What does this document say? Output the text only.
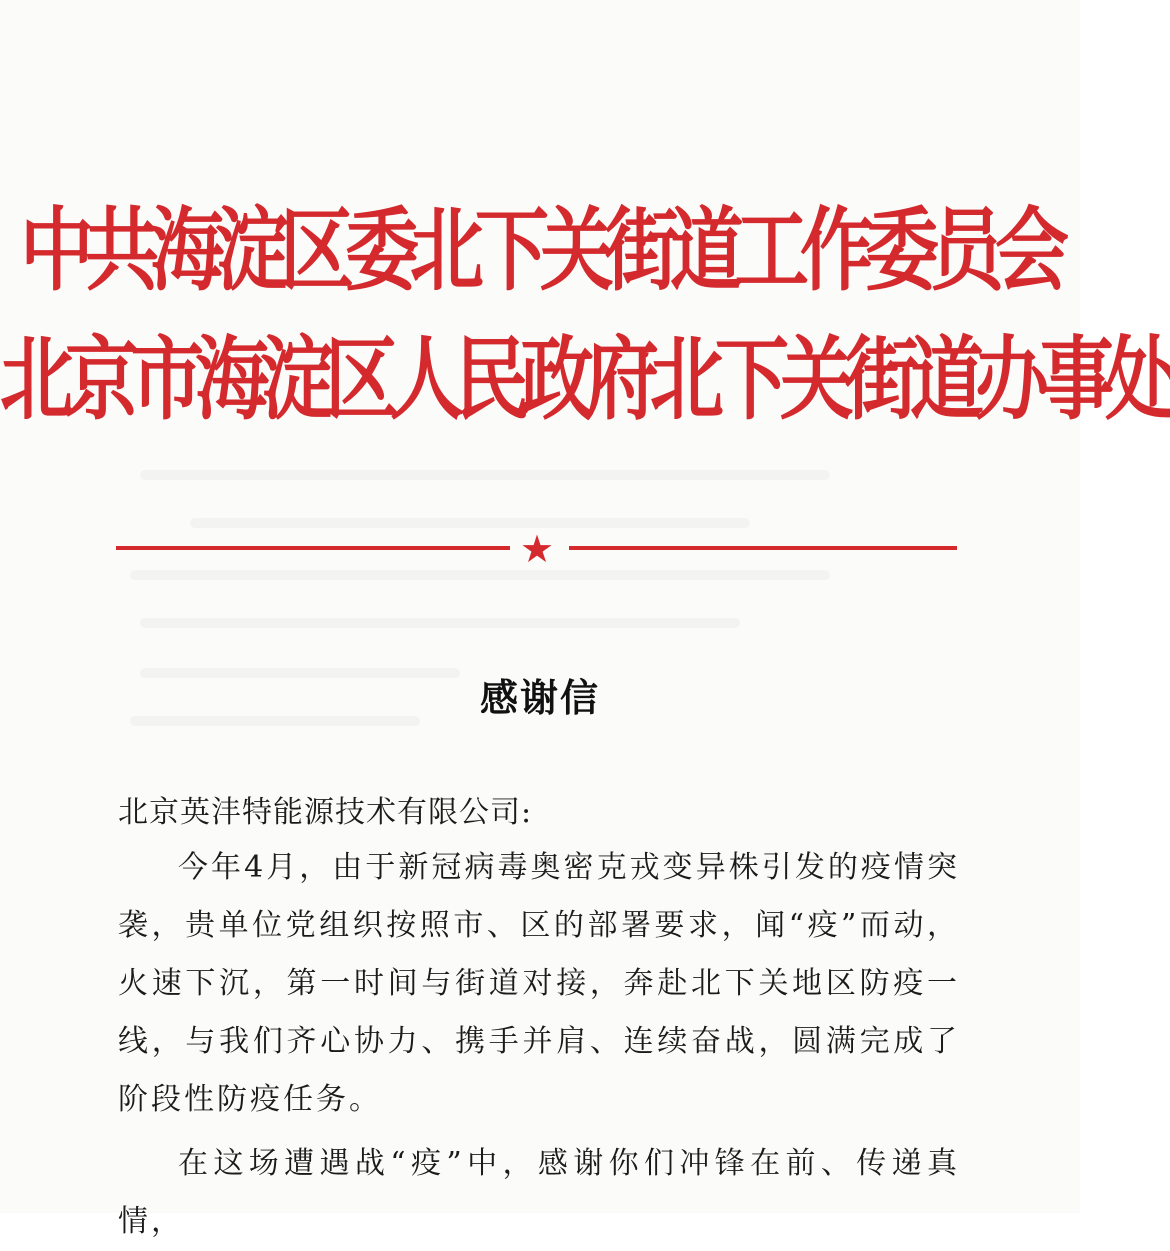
中共海淀区委北下关街道工作委员会
北京市海淀区人民政府北下关街道办事处
★
感谢信
北京英沣特能源技术有限公司:
今年4月，由于新冠病毒奥密克戎变异株引发的疫情突袭，贵单位党组织按照市、区的部署要求，闻“疫”而动，火速下沉，第一时间与街道对接，奔赴北下关地区防疫一线，与我们齐心协力、携手并肩、连续奋战，圆满完成了阶段性防疫任务。
在这场遭遇战“疫”中，感谢你们冲锋在前、传递真情，
